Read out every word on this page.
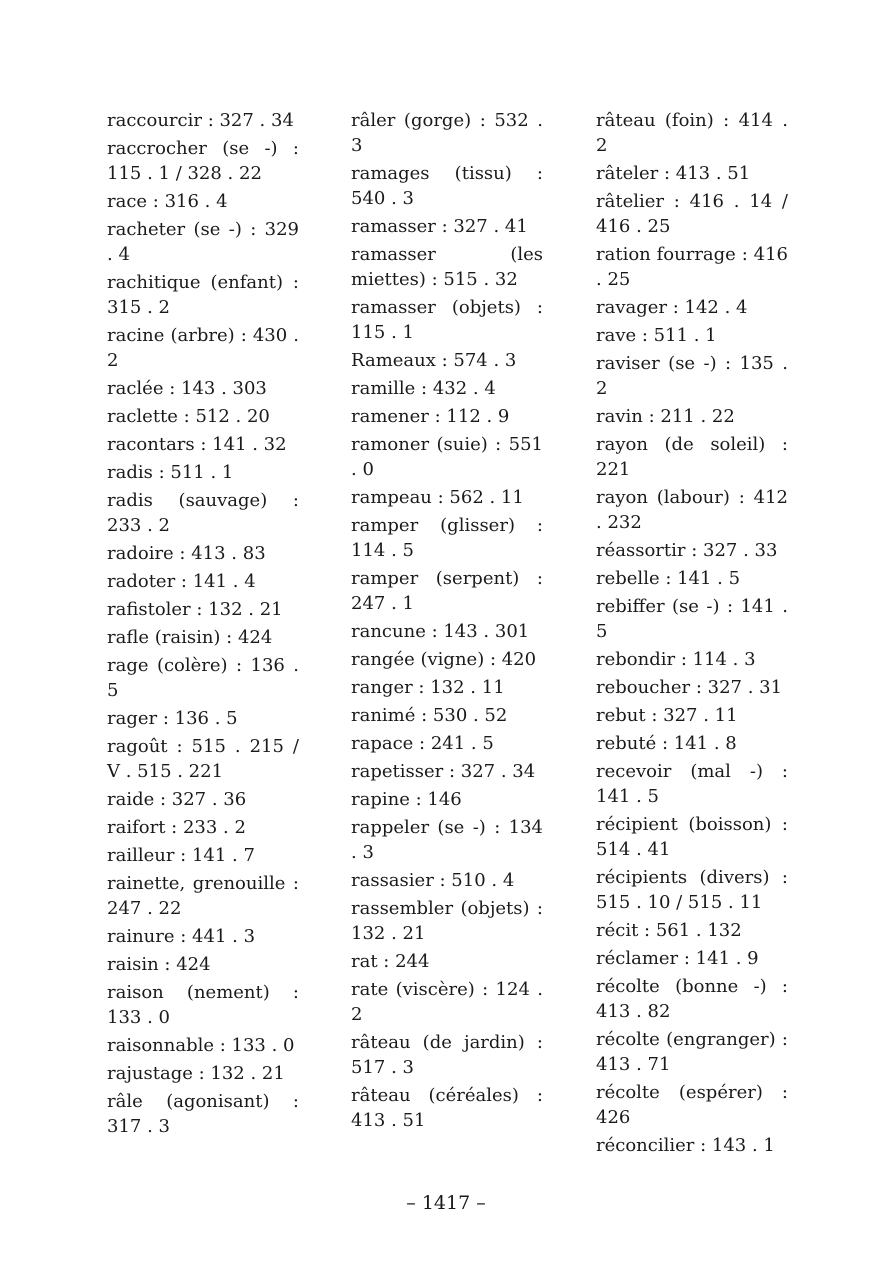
raccourcir : 327 . 34
raccrocher (se -) : 115 . 1 / 328 . 22
race : 316 . 4
racheter (se -) : 329 . 4
rachitique (enfant) : 315 . 2
racine (arbre) : 430 . 2
raclée : 143 . 303
raclette : 512 . 20
racontars : 141 . 32
radis : 511 . 1
radis (sauvage) : 233 . 2
radoire : 413 . 83
radoter : 141 . 4
rafistoler : 132 . 21
rafle (raisin) : 424
rage (colère) : 136 . 5
rager : 136 . 5
ragoût : 515 . 215 / V . 515 . 221
raide : 327 . 36
raifort : 233 . 2
railleur : 141 . 7
rainette, grenouille : 247 . 22
rainure : 441 . 3
raisin : 424
raison (nement) : 133 . 0
raisonnable : 133 . 0
rajustage : 132 . 21
râle (agonisant) : 317 . 3
râler (gorge) : 532 . 3
ramages (tissu) : 540 . 3
ramasser : 327 . 41
ramasser (les miettes) : 515 . 32
ramasser (objets) : 115 . 1
Rameaux : 574 . 3
ramille : 432 . 4
ramener : 112 . 9
ramoner (suie) : 551 . 0
rampeau : 562 . 11
ramper (glisser) : 114 . 5
ramper (serpent) : 247 . 1
rancune : 143 . 301
rangée (vigne) : 420
ranger : 132 . 11
ranimé : 530 . 52
rapace : 241 . 5
rapetisser : 327 . 34
rapine : 146
rappeler (se -) : 134 . 3
rassasier : 510 . 4
rassembler (objets) : 132 . 21
rat : 244
rate (viscère) : 124 . 2
râteau (de jardin) : 517 . 3
râteau (céréales) : 413 . 51
râteau (foin) : 414 . 2
râteler : 413 . 51
râtelier : 416 . 14 / 416 . 25
ration fourrage : 416 . 25
ravager : 142 . 4
rave : 511 . 1
raviser (se -) : 135 . 2
ravin : 211 . 22
rayon (de soleil) : 221
rayon (labour) : 412 . 232
réassortir : 327 . 33
rebelle : 141 . 5
rebiffer (se -) : 141 . 5
rebondir : 114 . 3
reboucher : 327 . 31
rebut : 327 . 11
rebuté : 141 . 8
recevoir (mal -) : 141 . 5
récipient (boisson) : 514 . 41
récipients (divers) : 515 . 10 / 515 . 11
récit : 561 . 132
réclamer : 141 . 9
récolte (bonne -) : 413 . 82
récolte (engranger) : 413 . 71
récolte (espérer) : 426
réconcilier : 143 . 1
– 1417 –
